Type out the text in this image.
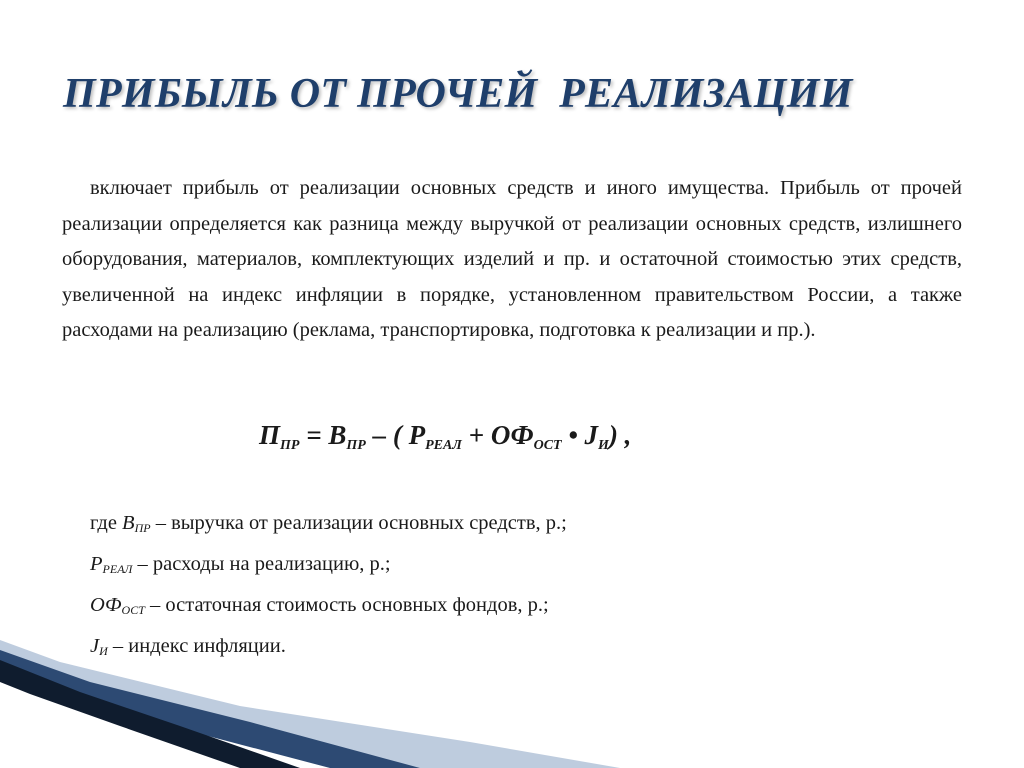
ПРИБЫЛЬ ОТ ПРОЧЕЙ  РЕАЛИЗАЦИИ

включает прибыль от реализации основных средств и иного имущества. Прибыль от прочей реализации определяется как разница между выручкой от реализации основных средств, излишнего оборудования, материалов, комплектующих изделий и пр. и остаточной стоимостью этих средств, увеличенной на индекс инфляции в порядке, установленном правительством России, а также расходами на реализацию (реклама, транспортировка, подготовка к реализации и пр.).

$П_{ПР} = В_{ПР}$ – ( $Р_{РЕАЛ} + ОФ_{ОСТ}$ • $J_И$) ,
где $В_{ПР}$ – выручка от реализации основных средств, р.;
$Р_{РЕАЛ}$ – расходы на реализацию, р.;
$ОФ_{ОСТ}$ – остаточная стоимость основных фондов, р.;
$J_И$ – индекс инфляции.
